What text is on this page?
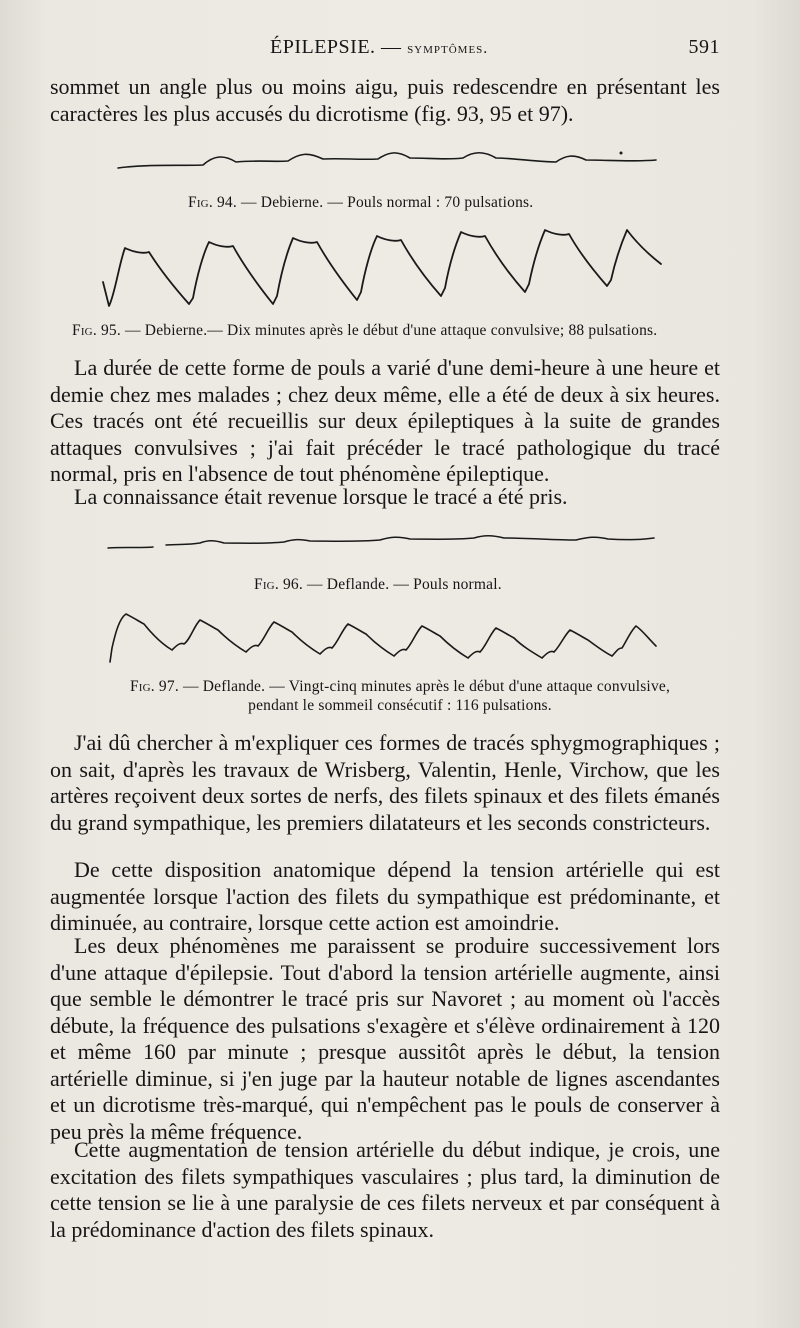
ÉPILEPSIE. — symptômes.	591
sommet un angle plus ou moins aigu, puis redescendre en présentant les caractères les plus accusés du dicrotisme (fig. 93, 95 et 97).
Fig. 94. — Debierne. — Pouls normal : 70 pulsations.
Fig. 95. — Debierne.— Dix minutes après le début d'une attaque convulsive; 88 pulsations.
La durée de cette forme de pouls a varié d'une demi-heure à une heure et demie chez mes malades ; chez deux même, elle a été de deux à six heures. Ces tracés ont été recueillis sur deux épileptiques à la suite de grandes attaques convulsives ; j'ai fait précéder le tracé pathologique du tracé normal, pris en l'absence de tout phénomène épileptique.
La connaissance était revenue lorsque le tracé a été pris.
Fig. 96. — Deflande. — Pouls normal.
Fig. 97. — Deflande. — Vingt-cinq minutes après le début d'une attaque convulsive,
pendant le sommeil consécutif : 116 pulsations.
J'ai dû chercher à m'expliquer ces formes de tracés sphygmographiques ; on sait, d'après les travaux de Wrisberg, Valentin, Henle, Virchow, que les artères reçoivent deux sortes de nerfs, des filets spinaux et des filets émanés du grand sympathique, les premiers dilatateurs et les seconds constricteurs.
De cette disposition anatomique dépend la tension artérielle qui est augmentée lorsque l'action des filets du sympathique est prédominante, et diminuée, au contraire, lorsque cette action est amoindrie.
Les deux phénomènes me paraissent se produire successivement lors d'une attaque d'épilepsie. Tout d'abord la tension artérielle augmente, ainsi que semble le démontrer le tracé pris sur Navoret ; au moment où l'accès débute, la fréquence des pulsations s'exagère et s'élève ordinairement à 120 et même 160 par minute ; presque aussitôt après le début, la tension artérielle diminue, si j'en juge par la hauteur notable de lignes ascendantes et un dicrotisme très-marqué, qui n'empêchent pas le pouls de conserver à peu près la même fréquence.
Cette augmentation de tension artérielle du début indique, je crois, une excitation des filets sympathiques vasculaires ; plus tard, la diminution de cette tension se lie à une paralysie de ces filets nerveux et par conséquent à la prédominance d'action des filets spinaux.
